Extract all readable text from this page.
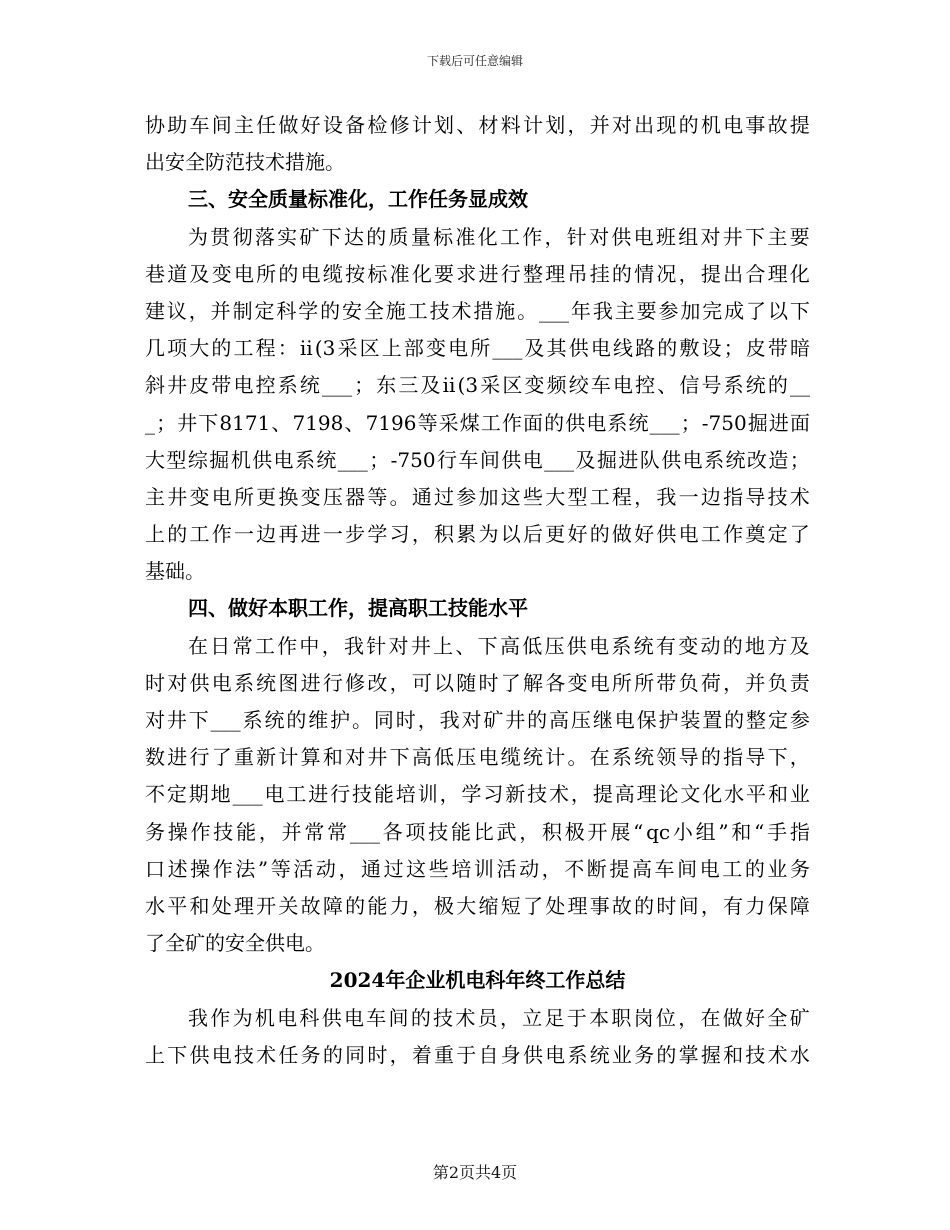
下载后可任意编辑
协 助 车 间 主 任 做 好 设 备 检 修 计 划 、 材 料 计 划 ， 并 对 出 现 的 机 电 事 故 提
出安全防范技术措施。
三、安全质量标准化，工作任务显成效
为 贯 彻 落 实 矿 下 达 的 质 量 标 准 化 工 作 ， 针 对 供 电 班 组 对 井 下 主 要
巷 道 及 变 电 所 的 电 缆 按 标 准 化 要 求 进 行 整 理 吊 挂 的 情 况 ， 提 出 合 理 化
建 议 ， 并 制 定 科 学 的 安 全 施 工 技 术 措 施 。 ___ 年 我 主 要 参 加 完 成 了 以 下
几 项 大 的 工 程 ： ⅱ (3 采 区 上 部 变 电 所 ___ 及 其 供 电 线 路 的 敷 设 ； 皮 带 暗
斜 井 皮 带 电 控 系 统 ___ ； 东 三 及 ⅱ (3 采 区 变 频 绞 车 电 控 、 信 号 系 统 的 __
_ ； 井 下 8171 、 7198 、 7196 等 采 煤 工 作 面 的 供 电 系 统 ___ ； -750 掘 进 面
大 型 综 掘 机 供 电 系 统 ___ ； -750 行 车 间 供 电 ___ 及 掘 进 队 供 电 系 统 改 造 ；
主 井 变 电 所 更 换 变 压 器 等 。 通 过 参 加 这 些 大 型 工 程 ， 我 一 边 指 导 技 术
上 的 工 作 一 边 再 进 一 步 学 习 ， 积 累 为 以 后 更 好 的 做 好 供 电 工 作 奠 定 了
基础。
四、做好本职工作，提高职工技能水平
在 日 常 工 作 中 ， 我 针 对 井 上 、 下 高 低 压 供 电 系 统 有 变 动 的 地 方 及
时 对 供 电 系 统 图 进 行 修 改 ， 可 以 随 时 了 解 各 变 电 所 所 带 负 荷 ， 并 负 责
对 井 下 ___ 系 统 的 维 护 。 同 时 ， 我 对 矿 井 的 高 压 继 电 保 护 装 置 的 整 定 参
数 进 行 了 重 新 计 算 和 对 井 下 高 低 压 电 缆 统 计 。 在 系 统 领 导 的 指 导 下 ，
不 定 期 地 ___ 电 工 进 行 技 能 培 训 ， 学 习 新 技 术 ， 提 高 理 论 文 化 水 平 和 业
务 操 作 技 能 ， 并 常 常 ___ 各 项 技 能 比 武 ， 积 极 开 展 “ qc 小 组 ” 和 “ 手 指
口 述 操 作 法 ” 等 活 动 ， 通 过 这 些 培 训 活 动 ， 不 断 提 高 车 间 电 工 的 业 务
水 平 和 处 理 开 关 故 障 的 能 力 ， 极 大 缩 短 了 处 理 事 故 的 时 间 ， 有 力 保 障
了全矿的安全供电。
2024年企业机电科年终工作总结
我 作 为 机 电 科 供 电 车 间 的 技 术 员 ， 立 足 于 本 职 岗 位 ， 在 做 好 全 矿
上 下 供 电 技 术 任 务 的 同 时 ， 着 重 于 自 身 供 电 系 统 业 务 的 掌 握 和 技 术 水
第2页共4页
